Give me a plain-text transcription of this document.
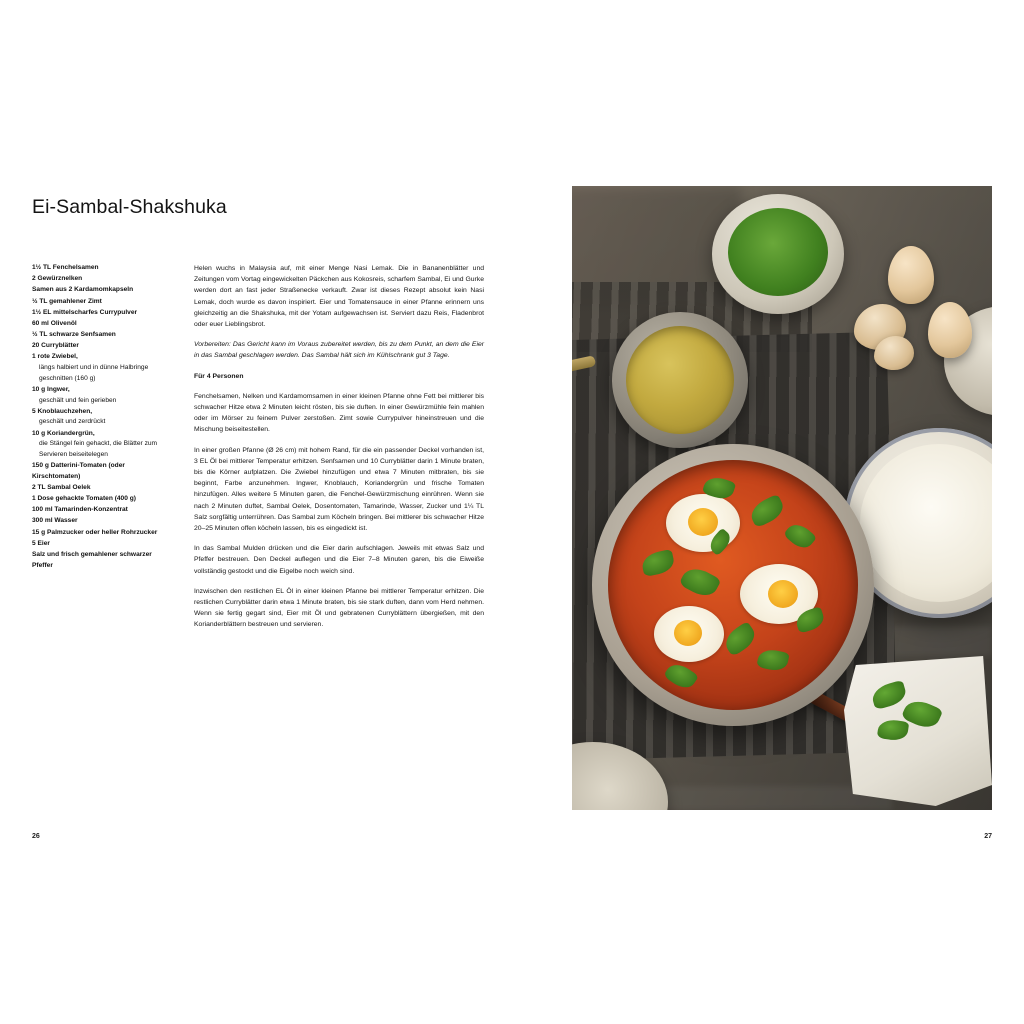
Ei-Sambal-Shakshuka
1½ TL Fenchelsamen
2 Gewürznelken
Samen aus 2 Kardamomkapseln
½ TL gemahlener Zimt
1½ EL mittelscharfes Currypulver
60 ml Olivenöl
½ TL schwarze Senfsamen
20 Curryblätter
1 rote Zwiebel,
längs halbiert und in dünne Halbringe geschnitten (160 g)
10 g Ingwer,
geschält und fein gerieben
5 Knoblauchzehen,
geschält und zerdrückt
10 g Koriandergrün,
die Stängel fein gehackt, die Blätter zum Servieren beiseitelegen
150 g Datterini-Tomaten (oder Kirschtomaten)
2 TL Sambal Oelek
1 Dose gehackte Tomaten (400 g)
100 ml Tamarinden-Konzentrat
300 ml Wasser
15 g Palmzucker oder heller Rohrzucker
5 Eier
Salz und frisch gemahlener schwarzer Pfeffer

Helen wuchs in Malaysia auf, mit einer Menge Nasi Lemak. Die in Bananenblätter und Zeitungen vom Vortag eingewickelten Päckchen aus Kokosreis, scharfem Sambal, Ei und Gurke werden dort an fast jeder Straßenecke verkauft. Zwar ist dieses Rezept absolut kein Nasi Lemak, doch wurde es davon inspiriert. Eier und Tomatensauce in einer Pfanne erinnern uns gleichzeitig an die Shakshuka, mit der Yotam aufgewachsen ist. Serviert dazu Reis, Fladenbrot oder euer Lieblingsbrot.

Vorbereiten: Das Gericht kann im Voraus zubereitet werden, bis zu dem Punkt, an dem die Eier in das Sambal geschlagen werden. Das Sambal hält sich im Kühlschrank gut 3 Tage.

Für 4 Personen

Fenchelsamen, Nelken und Kardamomsamen in einer kleinen Pfanne ohne Fett bei mittlerer bis schwacher Hitze etwa 2 Minuten leicht rösten, bis sie duften. In einer Gewürzmühle fein mahlen oder im Mörser zu feinem Pulver zerstoßen. Zimt sowie Currypulver hineinstreuen und die Mischung beiseitestellen.

In einer großen Pfanne (Ø 26 cm) mit hohem Rand, für die ein passender Deckel vorhanden ist, 3 EL Öl bei mittlerer Temperatur erhitzen. Senfsamen und 10 Curryblätter darin 1 Minute braten, bis die Körner aufplatzen. Die Zwiebel hinzufügen und etwa 7 Minuten mitbraten, bis sie beginnt, Farbe anzunehmen. Ingwer, Knoblauch, Koriandergrün und frische Tomaten hinzufügen. Alles weitere 5 Minuten garen, die Fenchel-Gewürzmischung einrühren. Wenn sie nach 2 Minuten duftet, Sambal Oelek, Dosentomaten, Tamarinde, Wasser, Zucker und 1¼ TL Salz sorgfältig unterrühren. Das Sambal zum Köcheln bringen. Bei mittlerer bis schwacher Hitze 20–25 Minuten offen köcheln lassen, bis es eingedickt ist.

In das Sambal Mulden drücken und die Eier darin aufschlagen. Jeweils mit etwas Salz und Pfeffer bestreuen. Den Deckel auflegen und die Eier 7–8 Minuten garen, bis die Eiweiße vollständig gestockt und die Eigelbe noch weich sind.

Inzwischen den restlichen EL Öl in einer kleinen Pfanne bei mittlerer Temperatur erhitzen. Die restlichen Curryblätter darin etwa 1 Minute braten, bis sie stark duften, dann vom Herd nehmen. Wenn sie fertig gegart sind, Eier mit Öl und gebratenen Curryblättern übergießen, mit den Korianderblättern bestreuen und servieren.

26	27
